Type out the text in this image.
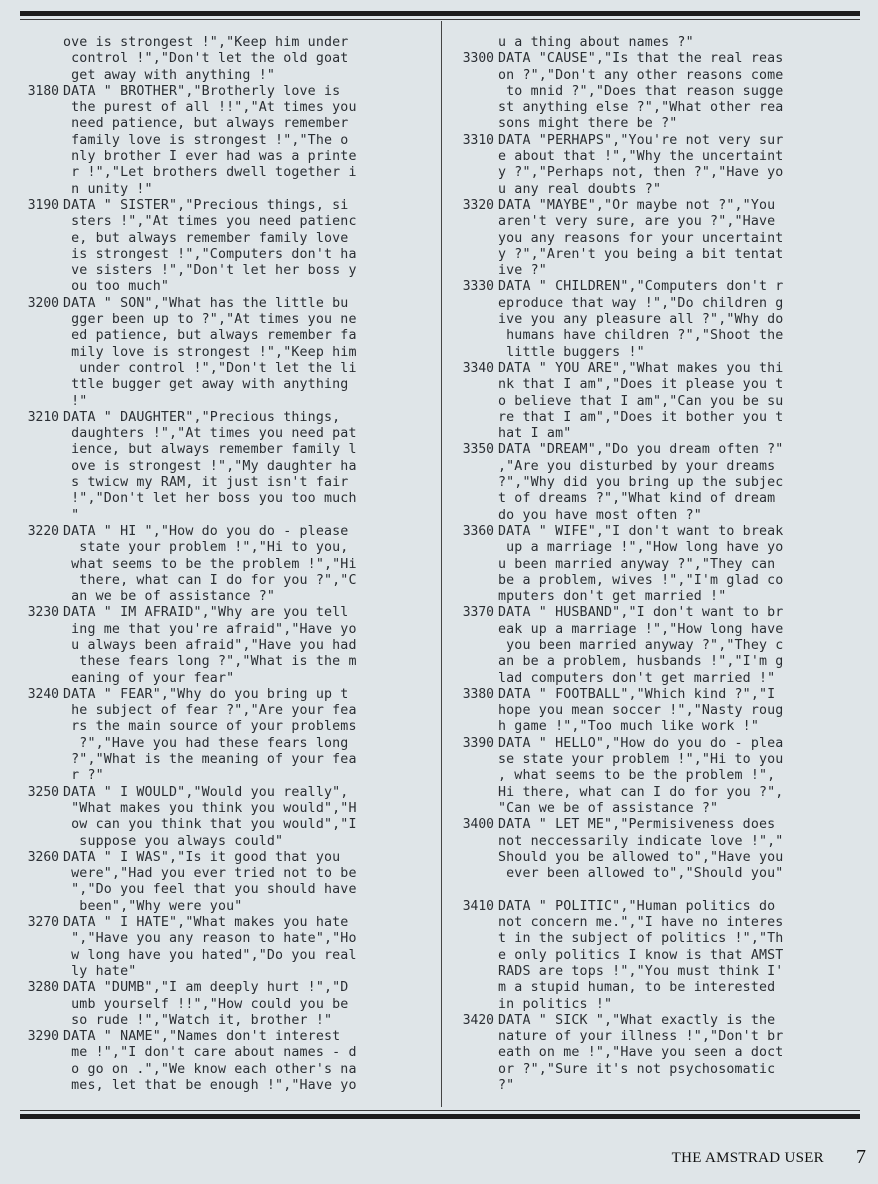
ove is strongest !","Keep him under
control !","Don't let the old goat
get away with anything !"
3180 DATA " BROTHER","Brotherly love is
the purest of all !!","At times you
need patience, but always remember
family love is strongest !","The o
nly brother I ever had was a printe
r !","Let brothers dwell together i
n unity !"
3190 DATA " SISTER","Precious things, si
sters !","At times you need patienc
e, but always remember family love
is strongest !","Computers don't ha
ve sisters !","Don't let her boss y
ou too much"
3200 DATA " SON","What has the little bu
gger been up to ?","At times you ne
ed patience, but always remember fa
mily love is strongest !","Keep him
under control !","Don't let the li
ttle bugger get away with anything
!"
3210 DATA " DAUGHTER","Precious things,
daughters !","At times you need pat
ience, but always remember family l
ove is strongest !","My daughter ha
s twicw my RAM, it just isn't fair
!","Don't let her boss you too much
"
3220 DATA " HI ","How do you do - please
state your problem !","Hi to you,
what seems to be the problem !","Hi
there, what can I do for you ?","C
an we be of assistance ?"
3230 DATA " IM AFRAID","Why are you tell
ing me that you're afraid","Have yo
u always been afraid","Have you had
these fears long ?","What is the m
eaning of your fear"
3240 DATA " FEAR","Why do you bring up t
he subject of fear ?","Are your fea
rs the main source of your problems
?","Have you had these fears long
?","What is the meaning of your fea
r ?"
3250 DATA " I WOULD","Would you really",
"What makes you think you would","H
ow can you think that you would","I
suppose you always could"
3260 DATA " I WAS","Is it good that you
were","Had you ever tried not to be
","Do you feel that you should have
been","Why were you"
3270 DATA " I HATE","What makes you hate
","Have you any reason to hate","Ho
w long have you hated","Do you real
ly hate"
3280 DATA "DUMB","I am deeply hurt !","D
umb yourself !!","How could you be
so rude !","Watch it, brother !"
3290 DATA " NAME","Names don't interest
me !","I don't care about names - d
o go on .","We know each other's na
mes, let that be enough !","Have yo
u a thing about names ?"
3300 DATA "CAUSE","Is that the real reas
on ?","Don't any other reasons come
to mnid ?","Does that reason sugge
st anything else ?","What other rea
sons might there be ?"
3310 DATA "PERHAPS","You're not very sur
e about that !","Why the uncertaint
y ?","Perhaps not, then ?","Have yo
u any real doubts ?"
3320 DATA "MAYBE","Or maybe not ?","You
aren't very sure, are you ?","Have
you any reasons for your uncertaint
y ?","Aren't you being a bit tentat
ive ?"
3330 DATA " CHILDREN","Computers don't r
eproduce that way !","Do children g
ive you any pleasure all ?","Why do
humans have children ?","Shoot the
little buggers !"
3340 DATA " YOU ARE","What makes you thi
nk that I am","Does it please you t
o believe that I am","Can you be su
re that I am","Does it bother you t
hat I am"
3350 DATA "DREAM","Do you dream often ?"
,"Are you disturbed by your dreams
?","Why did you bring up the subjec
t of dreams ?","What kind of dream
do you have most often ?"
3360 DATA " WIFE","I don't want to break
up a marriage !","How long have yo
u been married anyway ?","They can
be a problem, wives !","I'm glad co
mputers don't get married !"
3370 DATA " HUSBAND","I don't want to br
eak up a marriage !","How long have
you been married anyway ?","They c
an be a problem, husbands !","I'm g
lad computers don't get married !"
3380 DATA " FOOTBALL","Which kind ?","I
hope you mean soccer !","Nasty roug
h game !","Too much like work !"
3390 DATA " HELLO","How do you do - plea
se state your problem !","Hi to you
, what seems to be the problem !",
Hi there, what can I do for you ?",
"Can we be of assistance ?"
3400 DATA " LET ME","Permisiveness does
not neccessarily indicate love !","
Should you be allowed to","Have you
ever been allowed to","Should you"

3410 DATA " POLITIC","Human politics do
not concern me.","I have no interes
t in the subject of politics !","Th
e only politics I know is that AMST
RADS are tops !","You must think I'
m a stupid human, to be interested
in politics !"
3420 DATA " SICK ","What exactly is the
nature of your illness !","Don't br
eath on me !","Have you seen a doct
or ?","Sure it's not psychosomatic
?"
THE AMSTRAD USER 7
